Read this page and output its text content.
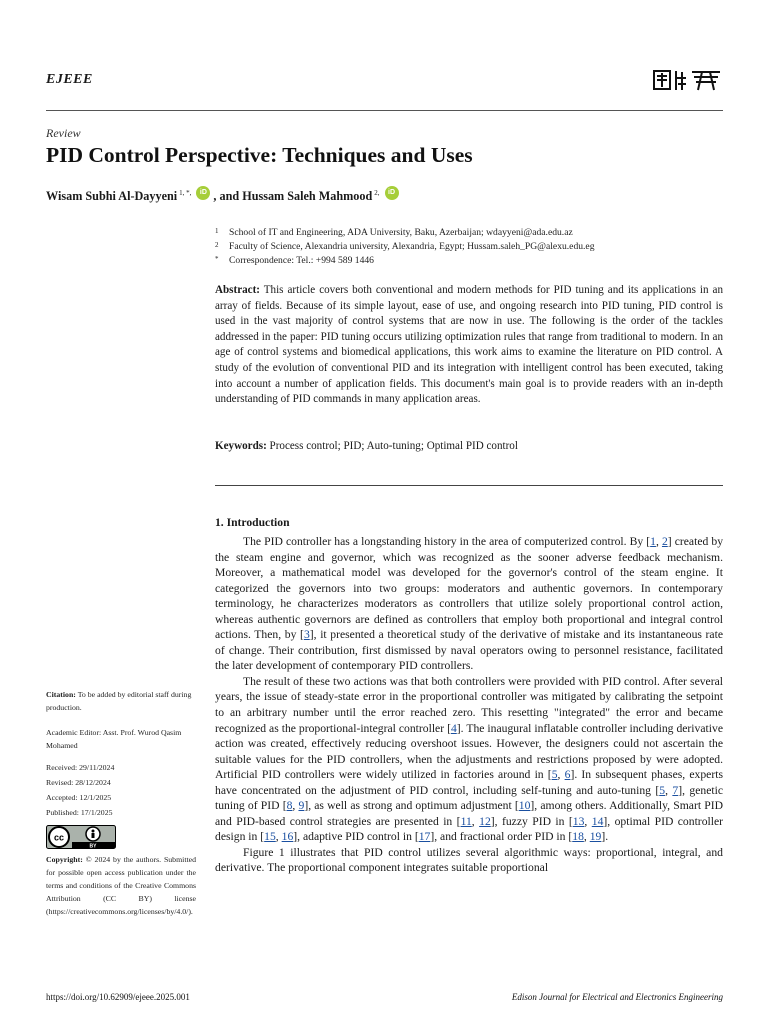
EJEEE
Review
PID Control Perspective: Techniques and Uses
Wisam Subhi Al-Dayyeni $^{1, *,}$	iD , and
Hussam Saleh Mahmood $^{2,}$	iD
1 School of IT and Engineering, ADA University, Baku, Azerbaijan; wdayyeni@ada.edu.az
2 Faculty of Science, Alexandria university, Alexandria, Egypt; Hussam.saleh_PG@alexu.edu.eg
* Correspondence: Tel.: +994 589 1446
Abstract: This article covers both conventional and modern methods for PID tuning and its applications in an array of fields. Because of its simple layout, ease of use, and ongoing research into PID tuning, PID control is used in the vast majority of control systems that are now in use. The following is the order of the tackles addressed in the paper: PID tuning occurs utilizing optimization rules that range from traditional to modern. In an age of control systems and biomedical applications, this work aims to examine the literature on PID control. A study of the evolution of conventional PID and its integration with intelligent control has been executed, taking into account a number of application fields. This document's main goal is to provide readers with an in-depth understanding of PID commands in many application areas.
Keywords: Process control; PID; Auto-tuning; Optimal PID control
1. Introduction

The PID controller has a longstanding history in the area of computerized control. By [1, 2] created by the steam engine and governor, which was recognized as the sooner adverse feedback mechanism. Moreover, a mathematical model was developed for the governor's control of the steam engine. It categorized the governors into two groups: moderators and authentic governors. In contemporary terminology, he characterizes moderators as controllers that utilize solely proportional control action, whereas authentic governors are defined as controllers that employ both proportional and integral control actions. Then, by [3], it presented a theoretical study of the derivative of mistake and its instantaneous rate of change. Their contribution, first dismissed by naval operators owing to personnel resistance, facilitated the later development of contemporary PID controllers.

The result of these two actions was that both controllers were provided with PID control. After several years, the issue of steady-state error in the proportional controller was mitigated by calibrating the setpoint to an arbitrary number until the error reached zero. This resetting "integrated" the error and became recognized as the proportional-integral controller [4]. The inaugural inflatable controller including derivative action was created, effectively reducing overshoot issues. However, the designers could not ascertain the suitable values for the PID controllers, when the adjustments and restrictions proposed by were adopted. Artificial PID controllers were widely utilized in factories around in [5, 6]. In subsequent phases, experts have concentrated on the adjustment of PID control, including self-tuning and auto-tuning [5, 7], genetic tuning of PID [8, 9], as well as strong and optimum adjustment [10], among others. Additionally, Smart PID and PID-based control strategies are presented in [11, 12], fuzzy PID in [13, 14], optimal PID controller design in [15, 16], adaptive PID control in [17], and fractional order PID in [18, 19].

Figure 1 illustrates that PID control utilizes several algorithmic ways: proportional, integral, and derivative. The proportional component integrates suitable proportional

Citation: To be added by editorial staff during production.
Academic Editor: Asst. Prof. Wurod Qasim Mohamed
Received: 29/11/2024
Revised: 28/12/2024
Accepted: 12/1/2025
Published: 17/1/2025
cc
BY
Copyright: © 2024 by the authors. Submitted for possible open access publication under the terms and conditions of the Creative Commons Attribution (CC BY) license (https://creativecommons.org/licenses/by/4.0/).
https://doi.org/10.62909/ejeee.2025.001	Edison Journal for Electrical and Electronics Engineering
